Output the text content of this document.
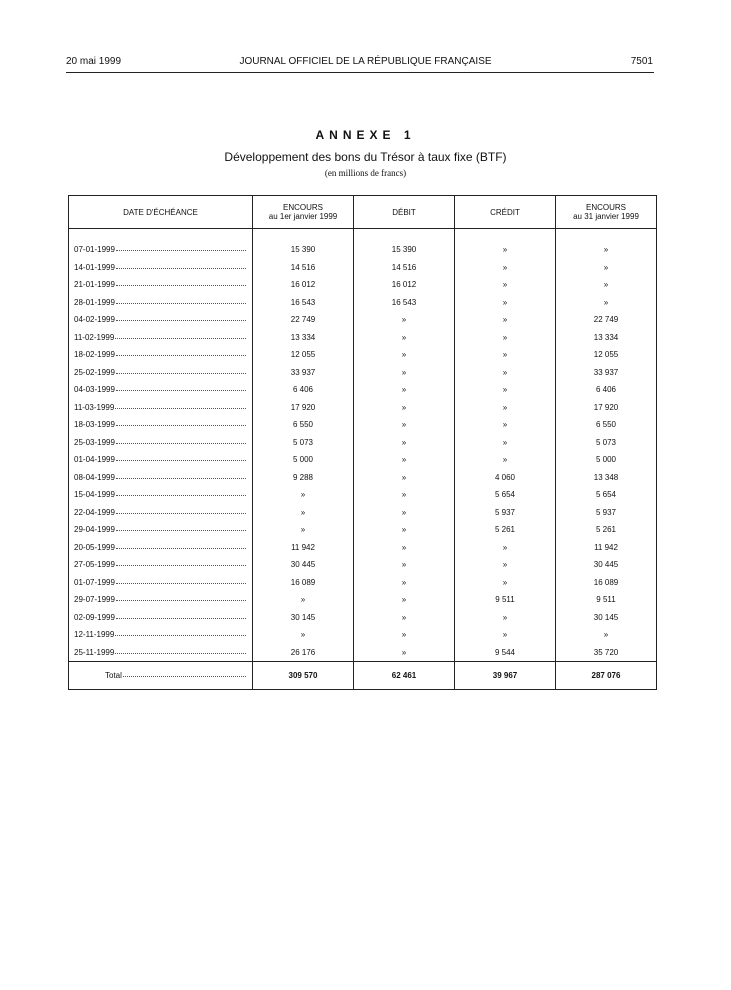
20 mai 1999	JOURNAL OFFICIEL DE LA RÉPUBLIQUE FRANÇAISE	7501
ANNEXE 1
Développement des bons du Trésor à taux fixe (BTF)
(en millions de francs)
DATE D'ÉCHÉANCE	ENCOURS
au 1er janvier 1999	DÉBIT	CRÉDIT	ENCOURS
au 31 janvier 1999

07-01-1999	15 390	15 390	»	»

14-01-1999	14 516	14 516	»	»

21-01-1999	16 012	16 012	»	»

28-01-1999	16 543	16 543	»	»

04-02-1999	22 749	»	»	22 749

11-02-1999	13 334	»	»	13 334

18-02-1999	12 055	»	»	12 055

25-02-1999	33 937	»	»	33 937

04-03-1999	6 406	»	»	6 406

11-03-1999	17 920	»	»	17 920

18-03-1999	6 550	»	»	6 550

25-03-1999	5 073	»	»	5 073

01-04-1999	5 000	»	»	5 000

08-04-1999	9 288	»	4 060	13 348

15-04-1999	»	»	5 654	5 654

22-04-1999	»	»	5 937	5 937

29-04-1999	»	»	5 261	5 261

20-05-1999	11 942	»	»	11 942

27-05-1999	30 445	»	»	30 445

01-07-1999	16 089	»	»	16 089

29-07-1999	»	»	9 511	9 511

02-09-1999	30 145	»	»	30 145

12-11-1999	»	»	»	»

25-11-1999	26 176	»	9 544	35 720

Total	309 570	62 461	39 967	287 076
